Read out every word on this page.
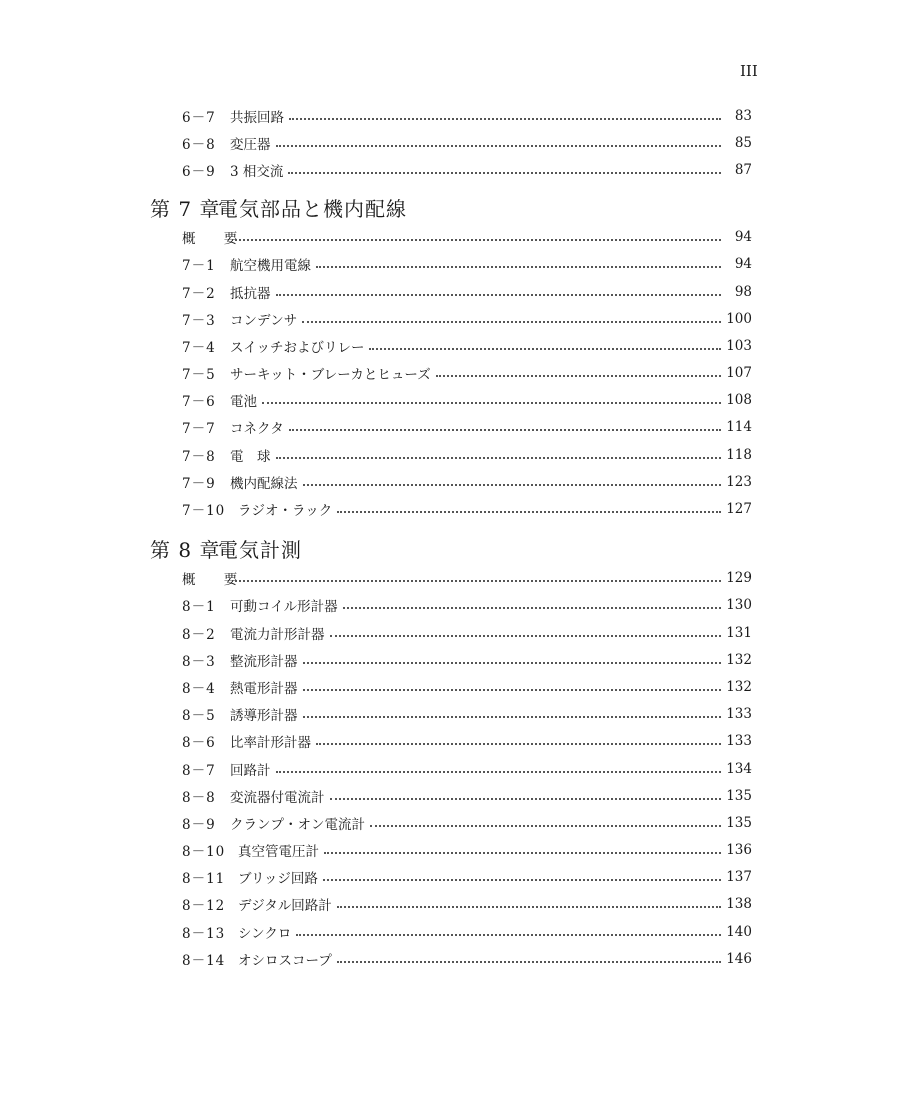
III
6－7	共振回路	83
6－8	変圧器	85
6－9	3 相交流	87
第 7 章電気部品と機内配線
概 要	94
7－1	航空機用電線	94
7－2	抵抗器	98
7－3	コンデンサ	100
7－4	スイッチおよびリレー	103
7－5	サーキット・ブレーカとヒューズ	107
7－6	電池	108
7－7	コネクタ	114
7－8	電　球	118
7－9	機内配線法	123
7－10 ラジオ・ラック	127
第 8 章電気計測
概 要	129
8－1	可動コイル形計器	130
8－2	電流力計形計器	131
8－3	整流形計器	132
8－4	熱電形計器	132
8－5	誘導形計器	133
8－6	比率計形計器	133
8－7	回路計	134
8－8	変流器付電流計	135
8－9	クランプ・オン電流計	135
8－10 真空管電圧計	136
8－11 ブリッジ回路	137
8－12 デジタル回路計	138
8－13 シンクロ	140
8－14 オシロスコープ	146
